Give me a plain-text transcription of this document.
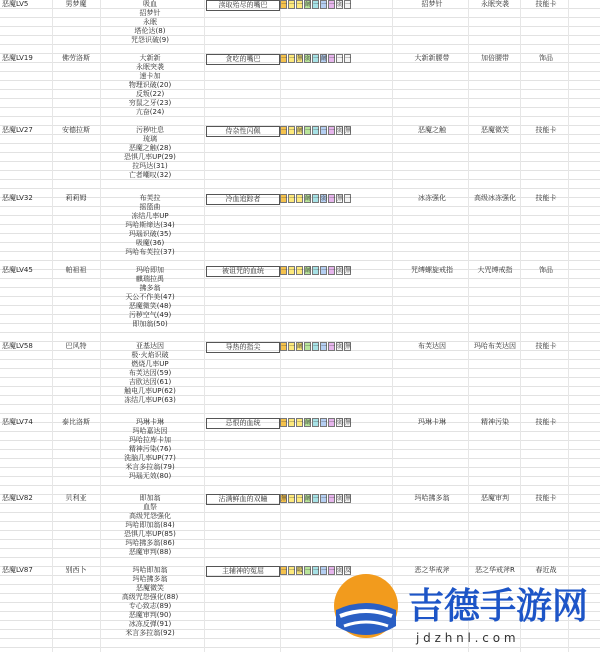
恶魔LV5	男梦魔	吸血
招梦针
永眠
塔伦达(8)
咒怨识破(9)
渎取殆尽的嘴巴	一 一 一 耐 一 一 一 弱 一	招梦针	永眠突袭	技能卡
恶魔LV19	佛劳洛斯	大新新
永眠突袭
速卡加
物理识破(20)
反叛(22)
穷鼠之牙(23)
亢奋(24)
贪吃的嘴巴	一 一 無 弱 一 耐 一 一 一	大新新腰带	加倍腰带	饰品
恶魔LV27	安德拉斯	污秽吐息
琉璃
恶魔之触(28)
恐惧几率UP(29)
拉玛达(31)
亡者嘲叹(32)
侍杂性闪佩	一 一 耐 一 一 一 一 弱 無	恶魔之触	恶魔微笑	技能卡
恶魔LV32	莉莉姆	布芙拉
摇篮曲
冻结几率UP
玛哈斯缔达(34)
玛瑙识破(35)
吸魔(36)
玛哈布芙拉(37)
冷血追踪者	一 一 一 耐 一 弱 一 無 一	冰冻强化	高级冰冻强化	技能卡
恶魔LV45	帕祖祖	玛哈即加
麒瑞拉禹
拂多翁
天公不作美(47)
恶魔微笑(48)
污秽空气(49)
即加翁(50)
被诅咒的血统	一 一 一 耐 一 一 一 弱 無	咒缚螺旋戒指	大咒缚戒指	饰品
恶魔LV58	巴风特	亚基达因
极·火焰识破
燃烧几率UP
布芙达因(59)
吉欧达因(61)
触电几率UP(62)
冻结几率UP(63)
导热的指尖	一 一 耐 一 一 一 一 弱 無	布芙达因	玛哈布芙达因	技能卡
恶魔LV74	泰比洛斯	玛琳卡琳
玛哈嘉达因
玛哈拉库卡加
精神污染(76)
洗脑几率UP(77)
米言多拉翁(79)
玛瑙无效(80)
忌恨的血统	一 一 一 耐 一 一 一 弱 無	玛琳卡琳	精神污染	技能卡
恶魔LV82	贝利亚	即加翁
血祭
高级咒怨强化
玛哈即加翁(84)
恐惧几率UP(85)
玛哈拂多翁(86)
恶魔审判(88)
沾满鲜血的双瞳	無 一 一 耐 一 一 一 弱 無	玛哈拂多翁	恶魔审判	技能卡
恶魔LV87	别西卜	玛哈即加翁
玛哈拂多翁
恶魔微笑
高级咒怨强化(88)
专心致志(89)
恶魔审判(90)
冰冻反弹(91)
米言多拉翁(92)
主辅神的冤屈	一 一 吸 一 一 一 一 弱 反	恶之华戒斧	恶之华戒斧R	春近战
吉德手游网
j d z h n l . c o m
